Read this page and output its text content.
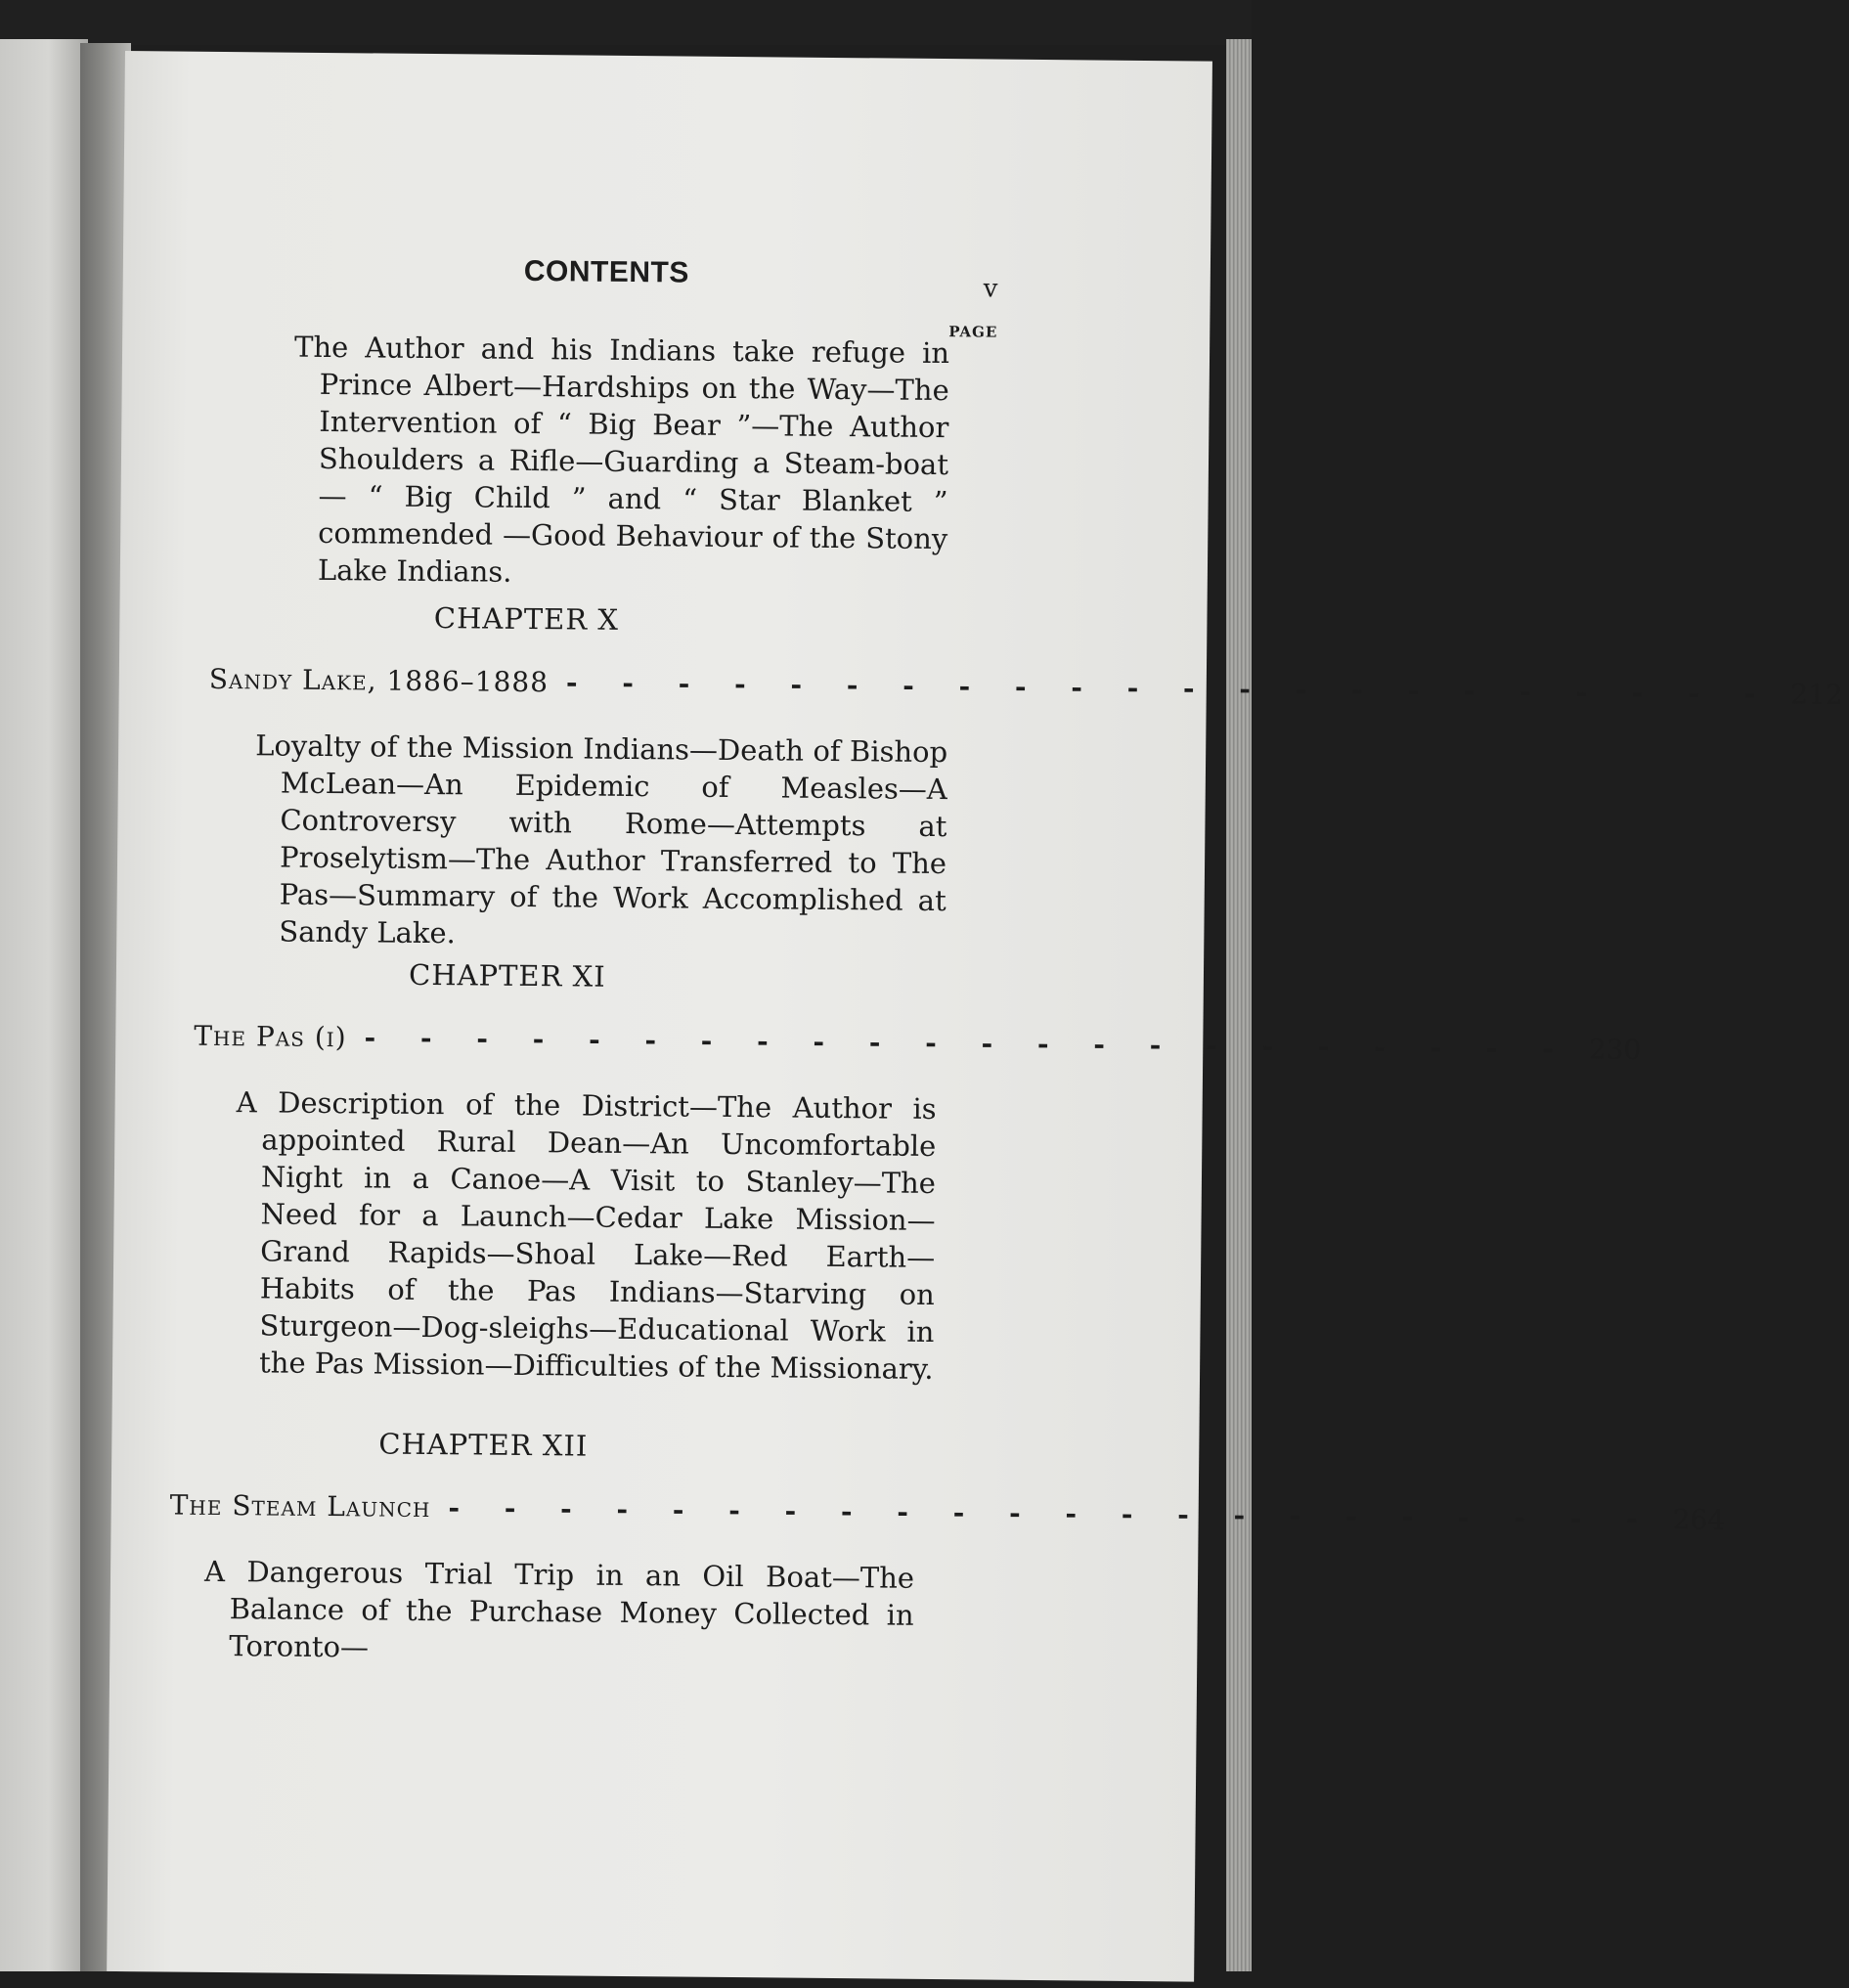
CONTENTS	v
PAGE

The Author and his Indians take refuge in Prince Albert—Hardships on the Way—The Intervention of “ Big Bear ”—The Author Shoulders a Rifle—Guarding a Steam-boat— “ Big Child ” and “ Star Blanket ” commended —Good Behaviour of the Stony Lake Indians.

CHAPTER X
Sandy Lake, 1886–1888 - - - - - - - - - - - - - - - - - - - - - - 212

Loyalty of the Mission Indians—Death of Bishop McLean—An Epidemic of Measles—A Controversy with Rome—Attempts at Proselytism—The Author Transferred to The Pas—Summary of the Work Accomplished at Sandy Lake.

CHAPTER XI
The Pas (i) - - - - - - - - - - - - - - - - - - - - - - 230

A Description of the District—The Author is appointed Rural Dean—An Uncomfortable Night in a Canoe—A Visit to Stanley—The Need for a Launch—Cedar Lake Mission—Grand Rapids—Shoal Lake—Red Earth—Habits of the Pas Indians—Starving on Sturgeon—Dog-sleighs—Educational Work in the Pas Mission—Difficulties of the Missionary.

CHAPTER XII
The Steam Launch - - - - - - - - - - - - - - - - - - - - - - 264

A Dangerous Trial Trip in an Oil Boat—The Balance of the Purchase Money Collected in Toronto—
